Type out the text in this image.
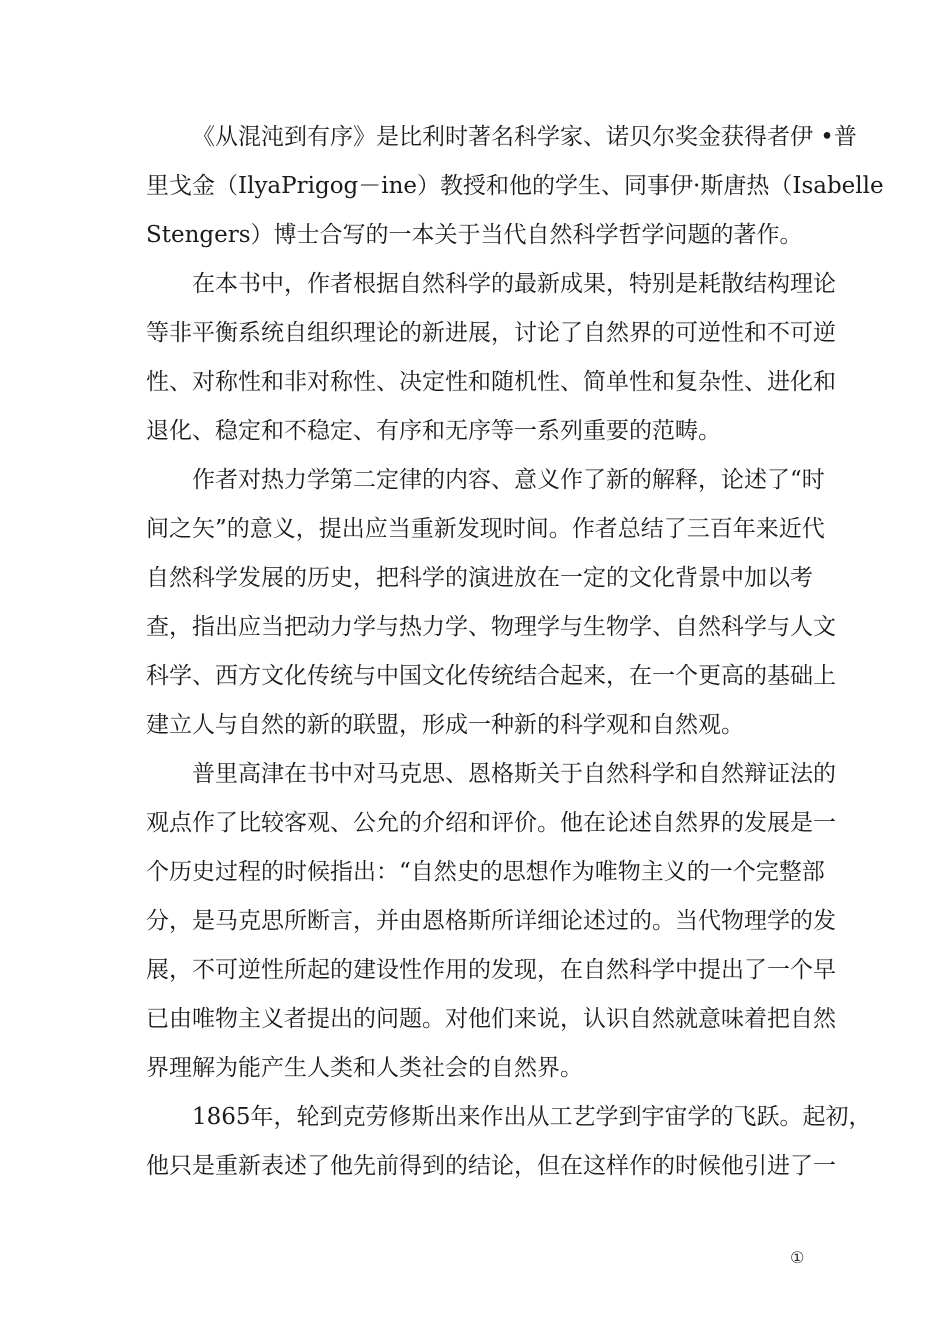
《从混沌到有序》是比利时著名科学家、诺贝尔奖金获得者伊 •普
里戈金（IlyaPrigog－ine）教授和他的学生、同事伊·斯唐热（Isabelle
Stengers）博士合写的一本关于当代自然科学哲学问题的著作。
在本书中，作者根据自然科学的最新成果，特别是耗散结构理论
等非平衡系统自组织理论的新进展，讨论了自然界的可逆性和不可逆
性、对称性和非对称性、决定性和随机性、简单性和复杂性、进化和
退化、稳定和不稳定、有序和无序等一系列重要的范畴。
作者对热力学第二定律的内容、意义作了新的解释，论述了“时
间之矢”的意义，提出应当重新发现时间。作者总结了三百年来近代
自然科学发展的历史，把科学的演进放在一定的文化背景中加以考
查，指出应当把动力学与热力学、物理学与生物学、自然科学与人文
科学、西方文化传统与中国文化传统结合起来，在一个更高的基础上
建立人与自然的新的联盟，形成一种新的科学观和自然观。
普里高津在书中对马克思、恩格斯关于自然科学和自然辩证法的
观点作了比较客观、公允的介绍和评价。他在论述自然界的发展是一
个历史过程的时候指出：“自然史的思想作为唯物主义的一个完整部
分，是马克思所断言，并由恩格斯所详细论述过的。当代物理学的发
展，不可逆性所起的建设性作用的发现，在自然科学中提出了一个早
已由唯物主义者提出的问题。对他们来说，认识自然就意味着把自然
界理解为能产生人类和人类社会的自然界。
1865年，轮到克劳修斯出来作出从工艺学到宇宙学的飞跃。起初，
他只是重新表述了他先前得到的结论，但在这样作的时候他引进了一
①
